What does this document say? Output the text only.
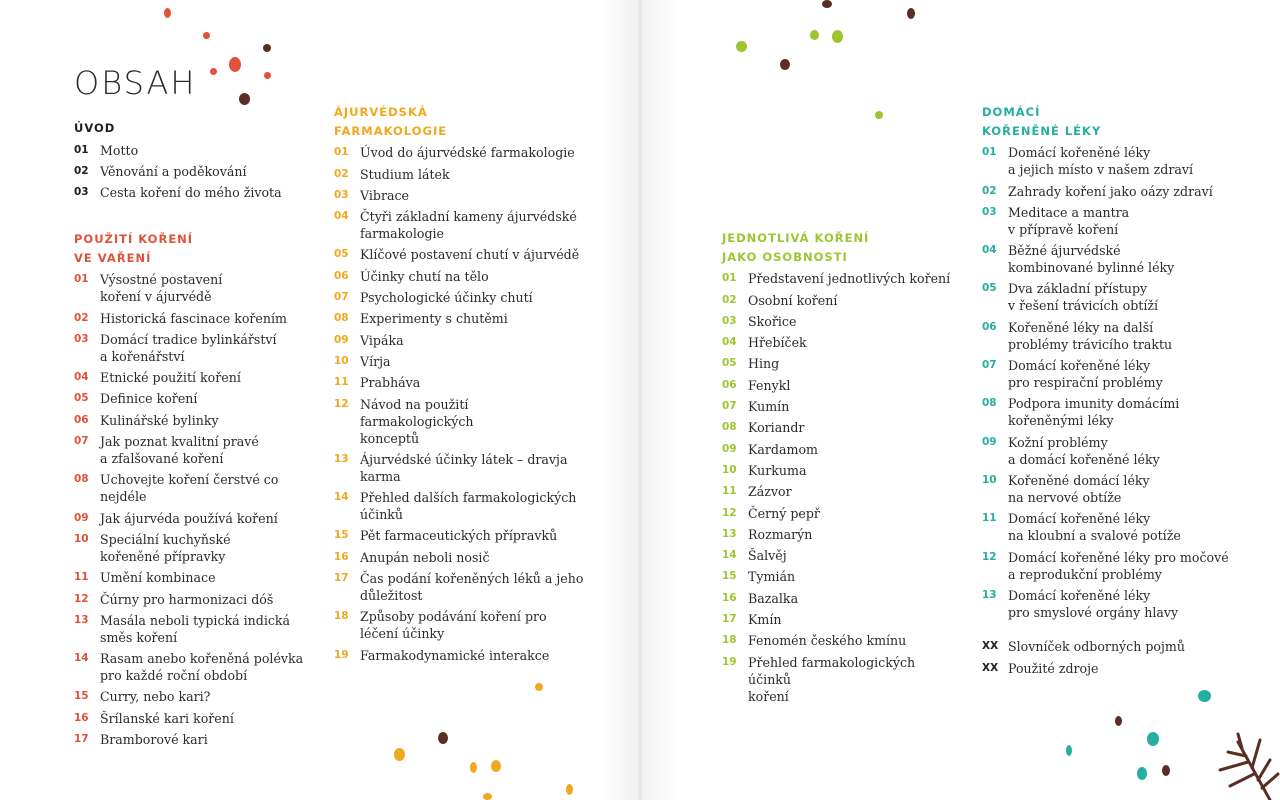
OBSAH
ÚVOD
01 Motto
02 Věnování a poděkování
03 Cesta koření do mého života
POUŽITÍ KOŘENÍ
VE VAŘENÍ
01 Výsostné postavení
koření v ájurvédě
02 Historická fascinace kořením
03 Domácí tradice bylinkářství
a kořenářství
04 Etnické použití koření
05 Definice koření
06 Kulinářské bylinky
07 Jak poznat kvalitní pravé
a zfalšované koření
08 Uchovejte koření čerstvé co nejdéle
09 Jak ájurvéda používá koření
10 Speciální kuchyňské
kořeněné přípravky
11 Umění kombinace
12 Čúrny pro harmonizaci dóš
13 Masála neboli typická indická
směs koření
14 Rasam anebo kořeněná polévka
pro každé roční období
15 Curry, nebo kari?
16 Šrílanské kari koření
17 Bramborové kari
ÁJURVÉDSKÁ
FARMAKOLOGIE
01 Úvod do ájurvédské farmakologie
02 Studium látek
03 Vibrace
04 Čtyři základní kameny ájurvédské
farmakologie
05 Klíčové postavení chutí v ájurvédě
06 Účinky chutí na tělo
07 Psychologické účinky chutí
08 Experimenty s chutěmi
09 Vipáka
10 Vírja
11 Prabháva
12 Návod na použití farmakologických
konceptů
13 Ájurvédské účinky látek – dravja
karma
14 Přehled dalších farmakologických
účinků
15 Pět farmaceutických přípravků
16 Anupán neboli nosič
17 Čas podání kořeněných léků a jeho
důležitost
18 Způsoby podávání koření pro
léčení účinky
19 Farmakodynamické interakce
JEDNOTLIVÁ KOŘENÍ
JAKO OSOBNOSTI
01 Představení jednotlivých koření
02 Osobní koření
03 Skořice
04 Hřebíček
05 Hing
06 Fenykl
07 Kumín
08 Koriandr
09 Kardamom
10 Kurkuma
11 Zázvor
12 Černý pepř
13 Rozmarýn
14 Šalvěj
15 Tymián
16 Bazalka
17 Kmín
18 Fenomén českého kmínu
19 Přehled farmakologických účinků
koření
DOMÁCÍ
KOŘENĚNÉ LÉKY
01 Domácí kořeněné léky
a jejich místo v našem zdraví
02 Zahrady koření jako oázy zdraví
03 Meditace a mantra
v přípravě koření
04 Běžné ájurvédské
kombinované bylinné léky
05 Dva základní přístupy
v řešení trávicích obtíží
06 Kořeněné léky na další
problémy trávicího traktu
07 Domácí kořeněné léky
pro respirační problémy
08 Podpora imunity domácími
kořeněnými léky
09 Kožní problémy
a domácí kořeněné léky
10 Kořeněné domácí léky
na nervové obtíže
11 Domácí kořeněné léky
na kloubní a svalové potíže
12 Domácí kořeněné léky pro močové
a reprodukční problémy
13 Domácí kořeněné léky
pro smyslové orgány hlavy
XX Slovníček odborných pojmů
XX Použité zdroje
